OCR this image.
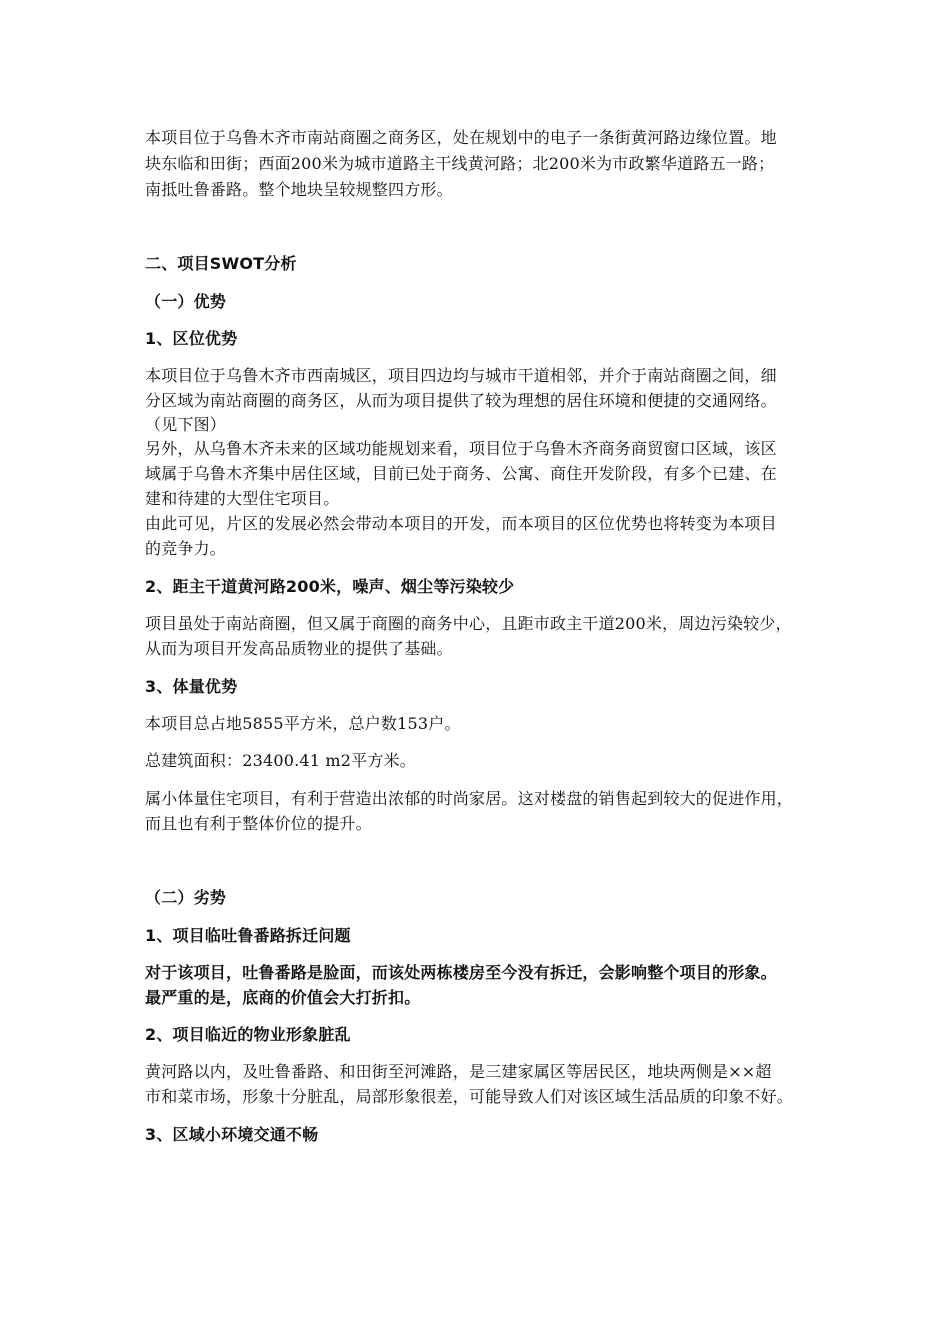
本项目位于乌鲁木齐市南站商圈之商务区，处在规划中的电子一条街黄河路边缘位置。地

块东临和田街；西面200米为城市道路主干线黄河路；北200米为市政繁华道路五一路；

南抵吐鲁番路。整个地块呈较规整四方形。

二、项目SWOT分析

（一）优势

1、区位优势

本项目位于乌鲁木齐市西南城区，项目四边均与城市干道相邻，并介于南站商圈之间，细

分区域为南站商圈的商务区，从而为项目提供了较为理想的居住环境和便捷的交通网络。

（见下图）

另外，从乌鲁木齐未来的区域功能规划来看，项目位于乌鲁木齐商务商贸窗口区域，该区

域属于乌鲁木齐集中居住区域，目前已处于商务、公寓、商住开发阶段，有多个已建、在

建和待建的大型住宅项目。

由此可见，片区的发展必然会带动本项目的开发，而本项目的区位优势也将转变为本项目

的竞争力。

2、距主干道黄河路200米，噪声、烟尘等污染较少

项目虽处于南站商圈，但又属于商圈的商务中心，且距市政主干道200米，周边污染较少，

从而为项目开发高品质物业的提供了基础。

3、体量优势

本项目总占地5855平方米，总户数153户。

总建筑面积：23400.41 m2平方米。

属小体量住宅项目，有利于营造出浓郁的时尚家居。这对楼盘的销售起到较大的促进作用，

而且也有利于整体价位的提升。

（二）劣势

1、项目临吐鲁番路拆迁问题

对于该项目，吐鲁番路是脸面，而该处两栋楼房至今没有拆迁，会影响整个项目的形象。

最严重的是，底商的价值会大打折扣。

2、项目临近的物业形象脏乱

黄河路以内，及吐鲁番路、和田街至河滩路，是三建家属区等居民区，地块两侧是××超

市和菜市场，形象十分脏乱，局部形象很差，可能导致人们对该区域生活品质的印象不好。

3、区域小环境交通不畅
